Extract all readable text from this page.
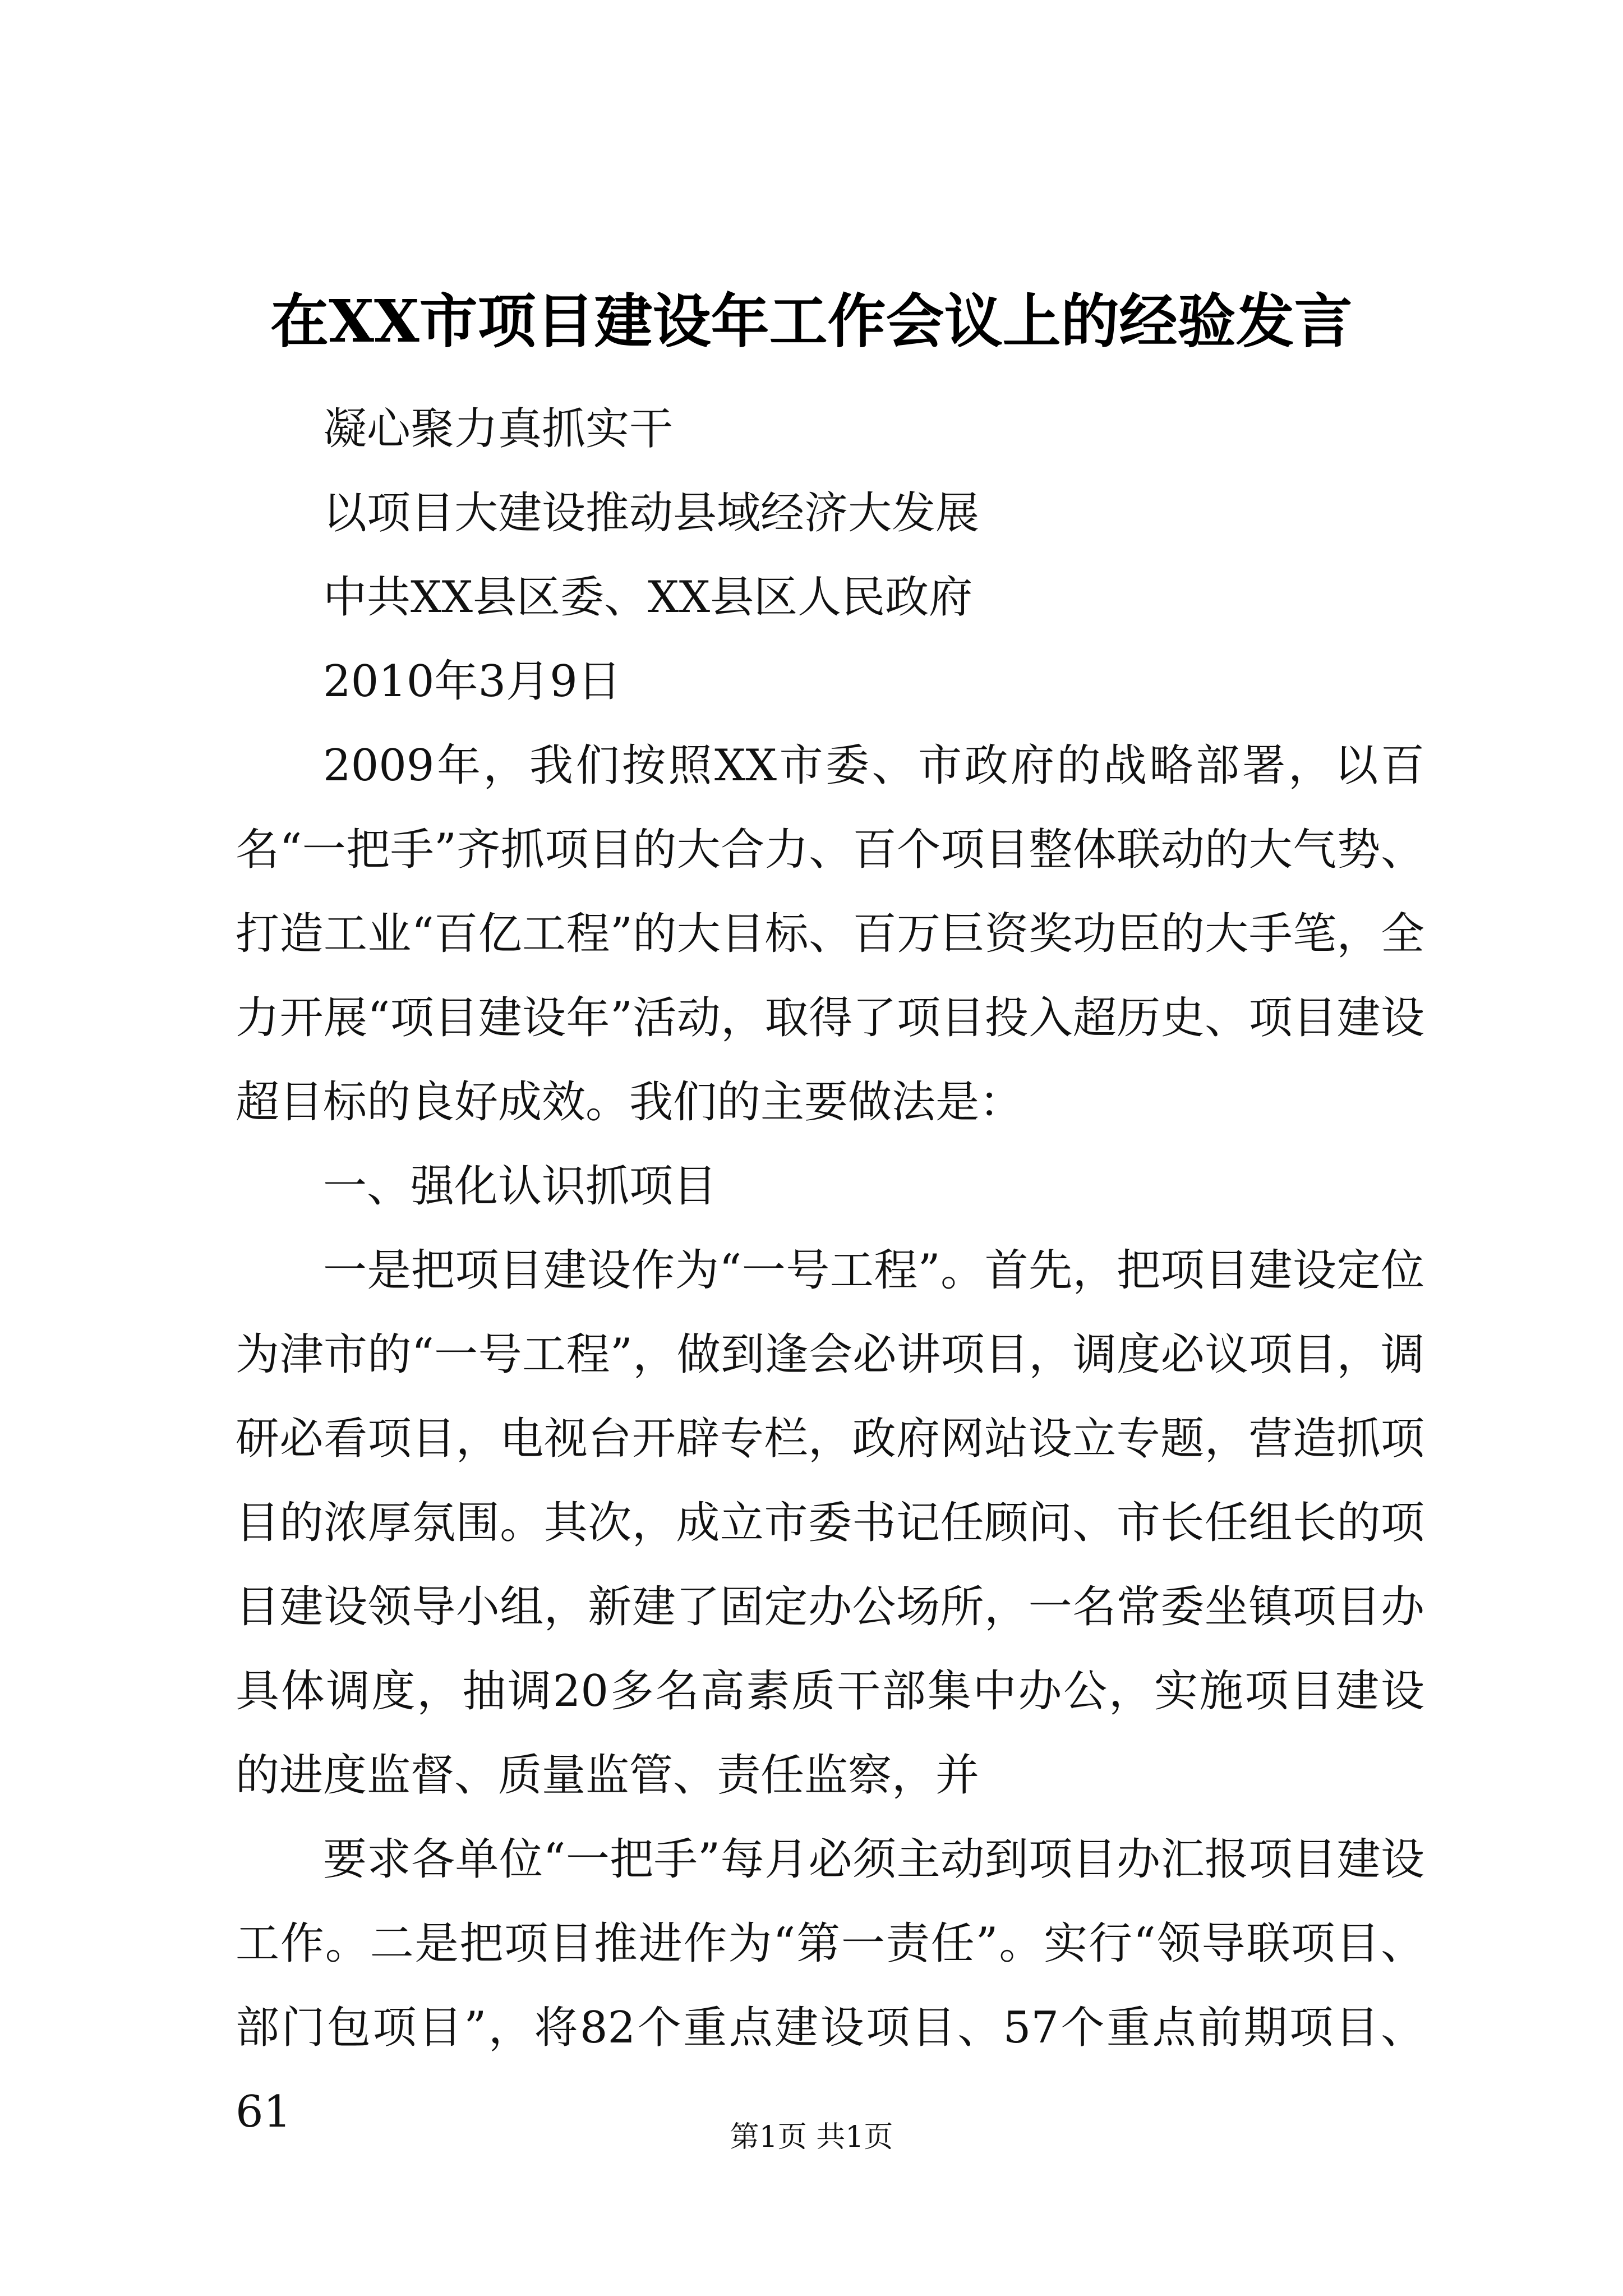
在XX市项目建设年工作会议上的经验发言

凝心聚力真抓实干

以项目大建设推动县域经济大发展

中共XX县区委、XX县区人民政府

2010年3月9日

2009年，我们按照XX市委、市政府的战略部署，以百名“一把手”齐抓项目的大合力、百个项目整体联动的大气势、打造工业“百亿工程”的大目标、百万巨资奖功臣的大手笔，全力开展“项目建设年”活动，取得了项目投入超历史、项目建设超目标的良好成效。我们的主要做法是：

一、强化认识抓项目

一是把项目建设作为“一号工程”。首先，把项目建设定位为津市的“一号工程”，做到逢会必讲项目，调度必议项目，调研必看项目，电视台开辟专栏，政府网站设立专题，营造抓项目的浓厚氛围。其次，成立市委书记任顾问、市长任组长的项目建设领导小组，新建了固定办公场所，一名常委坐镇项目办具体调度，抽调20多名高素质干部集中办公，实施项目建设的进度监督、质量监管、责任监察，并

要求各单位“一把手”每月必须主动到项目办汇报项目建设工作。二是把项目推进作为“第一责任”。实行“领导联项目、部门包项目”，将82个重点建设项目、57个重点前期项目、61	第1页 共1页
